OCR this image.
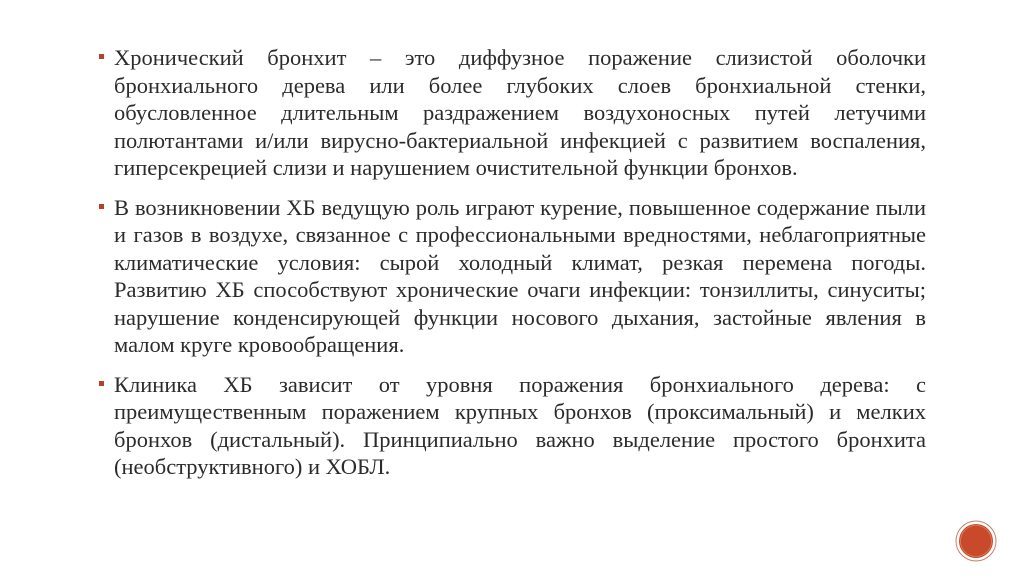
Хронический бронхит – это диффузное поражение слизистой оболочки бронхиального дерева или более глубоких слоев бронхиальной стенки, обусловленное длительным раздражением воздухоносных путей летучими полютантами и/или вирусно-бактериальной инфекцией с развитием воспаления, гиперсекрецией слизи и нарушением очистительной функции бронхов.

В возникновении ХБ ведущую роль играют курение, повышенное содержание пыли и газов в воздухе, связанное с профессиональными вредностями, неблагоприятные климатические условия: сырой холодный климат, резкая перемена погоды. Развитию ХБ способствуют хронические очаги инфекции: тонзиллиты, синуситы; нарушение конденсирующей функции носового дыхания, застойные явления в малом круге кровообращения.

Клиника ХБ зависит от уровня поражения бронхиального дерева: с преимущественным поражением крупных бронхов (проксимальный) и мелких бронхов (дистальный). Принципиально важно выделение простого бронхита (необструктивного) и ХОБЛ.
